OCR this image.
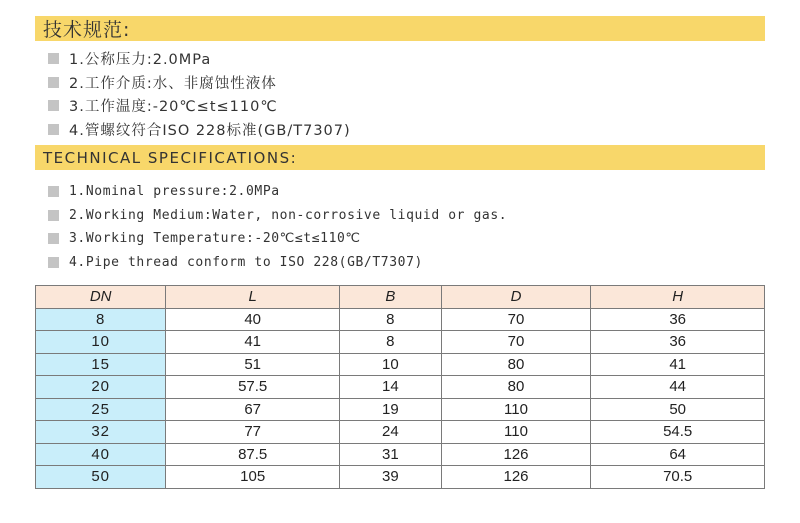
技术规范:
1.公称压力:2.0MPa
2.工作介质:水、非腐蚀性液体
3.工作温度:-20℃≤t≤110℃
4.管螺纹符合ISO 228标准(GB/T7307)
TECHNICAL SPECIFICATIONS:
1.Nominal pressure:2.0MPa
2.Working Medium:Water, non-corrosive liquid or gas.
3.Working Temperature:-20℃≤t≤110℃
4.Pipe thread conform to ISO 228(GB/T7307)
DN	L	B	D	H
8	40	8	70	36
10	41	8	70	36
15	51	10	80	41
20	57.5	14	80	44
25	67	19	110	50
32	77	24	110	54.5
40	87.5	31	126	64
50	105	39	126	70.5
